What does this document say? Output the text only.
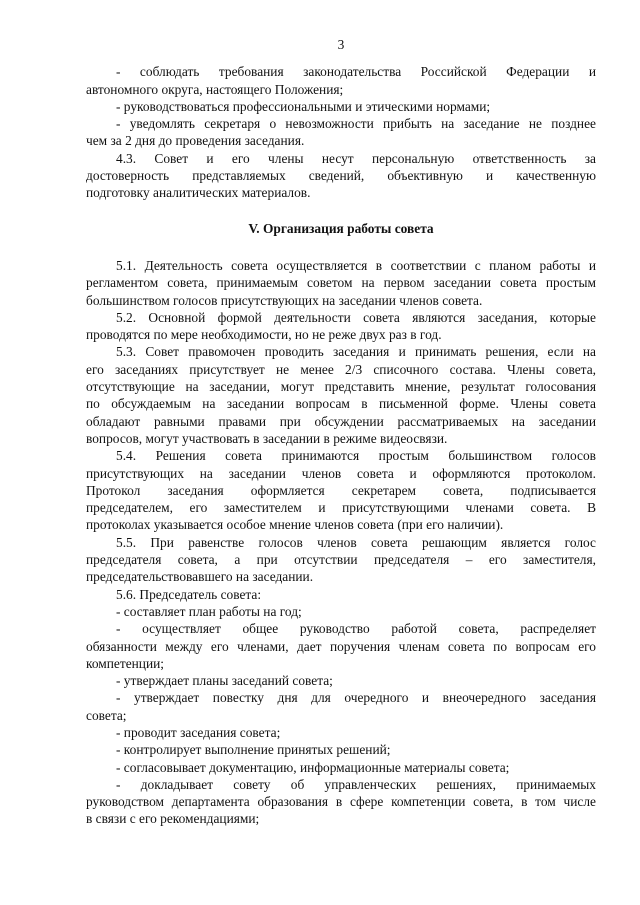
3
- соблюдать требования законодательства Российской Федерации и
автономного округа, настоящего Положения;
- руководствоваться профессиональными и этическими нормами;
- уведомлять секретаря о невозможности прибыть на заседание не позднее
чем за 2 дня до проведения заседания.
4.3. Совет и его члены несут персональную ответственность за
достоверность представляемых сведений, объективную и качественную
подготовку аналитических материалов.
V. Организация работы совета
5.1. Деятельность совета осуществляется в соответствии с планом работы и
регламентом совета, принимаемым советом на первом заседании совета простым
большинством голосов присутствующих на заседании членов совета.
5.2. Основной формой деятельности совета являются заседания, которые
проводятся по мере необходимости, но не реже двух раз в год.
5.3. Совет правомочен проводить заседания и принимать решения, если на
его заседаниях присутствует не менее 2/3 списочного состава. Члены совета,
отсутствующие на заседании, могут представить мнение, результат голосования
по обсуждаемым на заседании вопросам в письменной форме. Члены совета
обладают равными правами при обсуждении рассматриваемых на заседании
вопросов, могут участвовать в заседании в режиме видеосвязи.
5.4. Решения совета принимаются простым большинством голосов
присутствующих на заседании членов совета и оформляются протоколом.
Протокол заседания оформляется секретарем совета, подписывается
председателем, его заместителем и присутствующими членами совета. В
протоколах указывается особое мнение членов совета (при его наличии).
5.5. При равенстве голосов членов совета решающим является голос
председателя совета, а при отсутствии председателя – его заместителя,
председательствовавшего на заседании.
5.6. Председатель совета:
- составляет план работы на год;
- осуществляет общее руководство работой совета, распределяет
обязанности между его членами, дает поручения членам совета по вопросам его
компетенции;
- утверждает планы заседаний совета;
- утверждает повестку дня для очередного и внеочередного заседания
совета;
- проводит заседания совета;
- контролирует выполнение принятых решений;
- согласовывает документацию, информационные материалы совета;
- докладывает совету об управленческих решениях, принимаемых
руководством департамента образования в сфере компетенции совета, в том числе
в связи с его рекомендациями;
